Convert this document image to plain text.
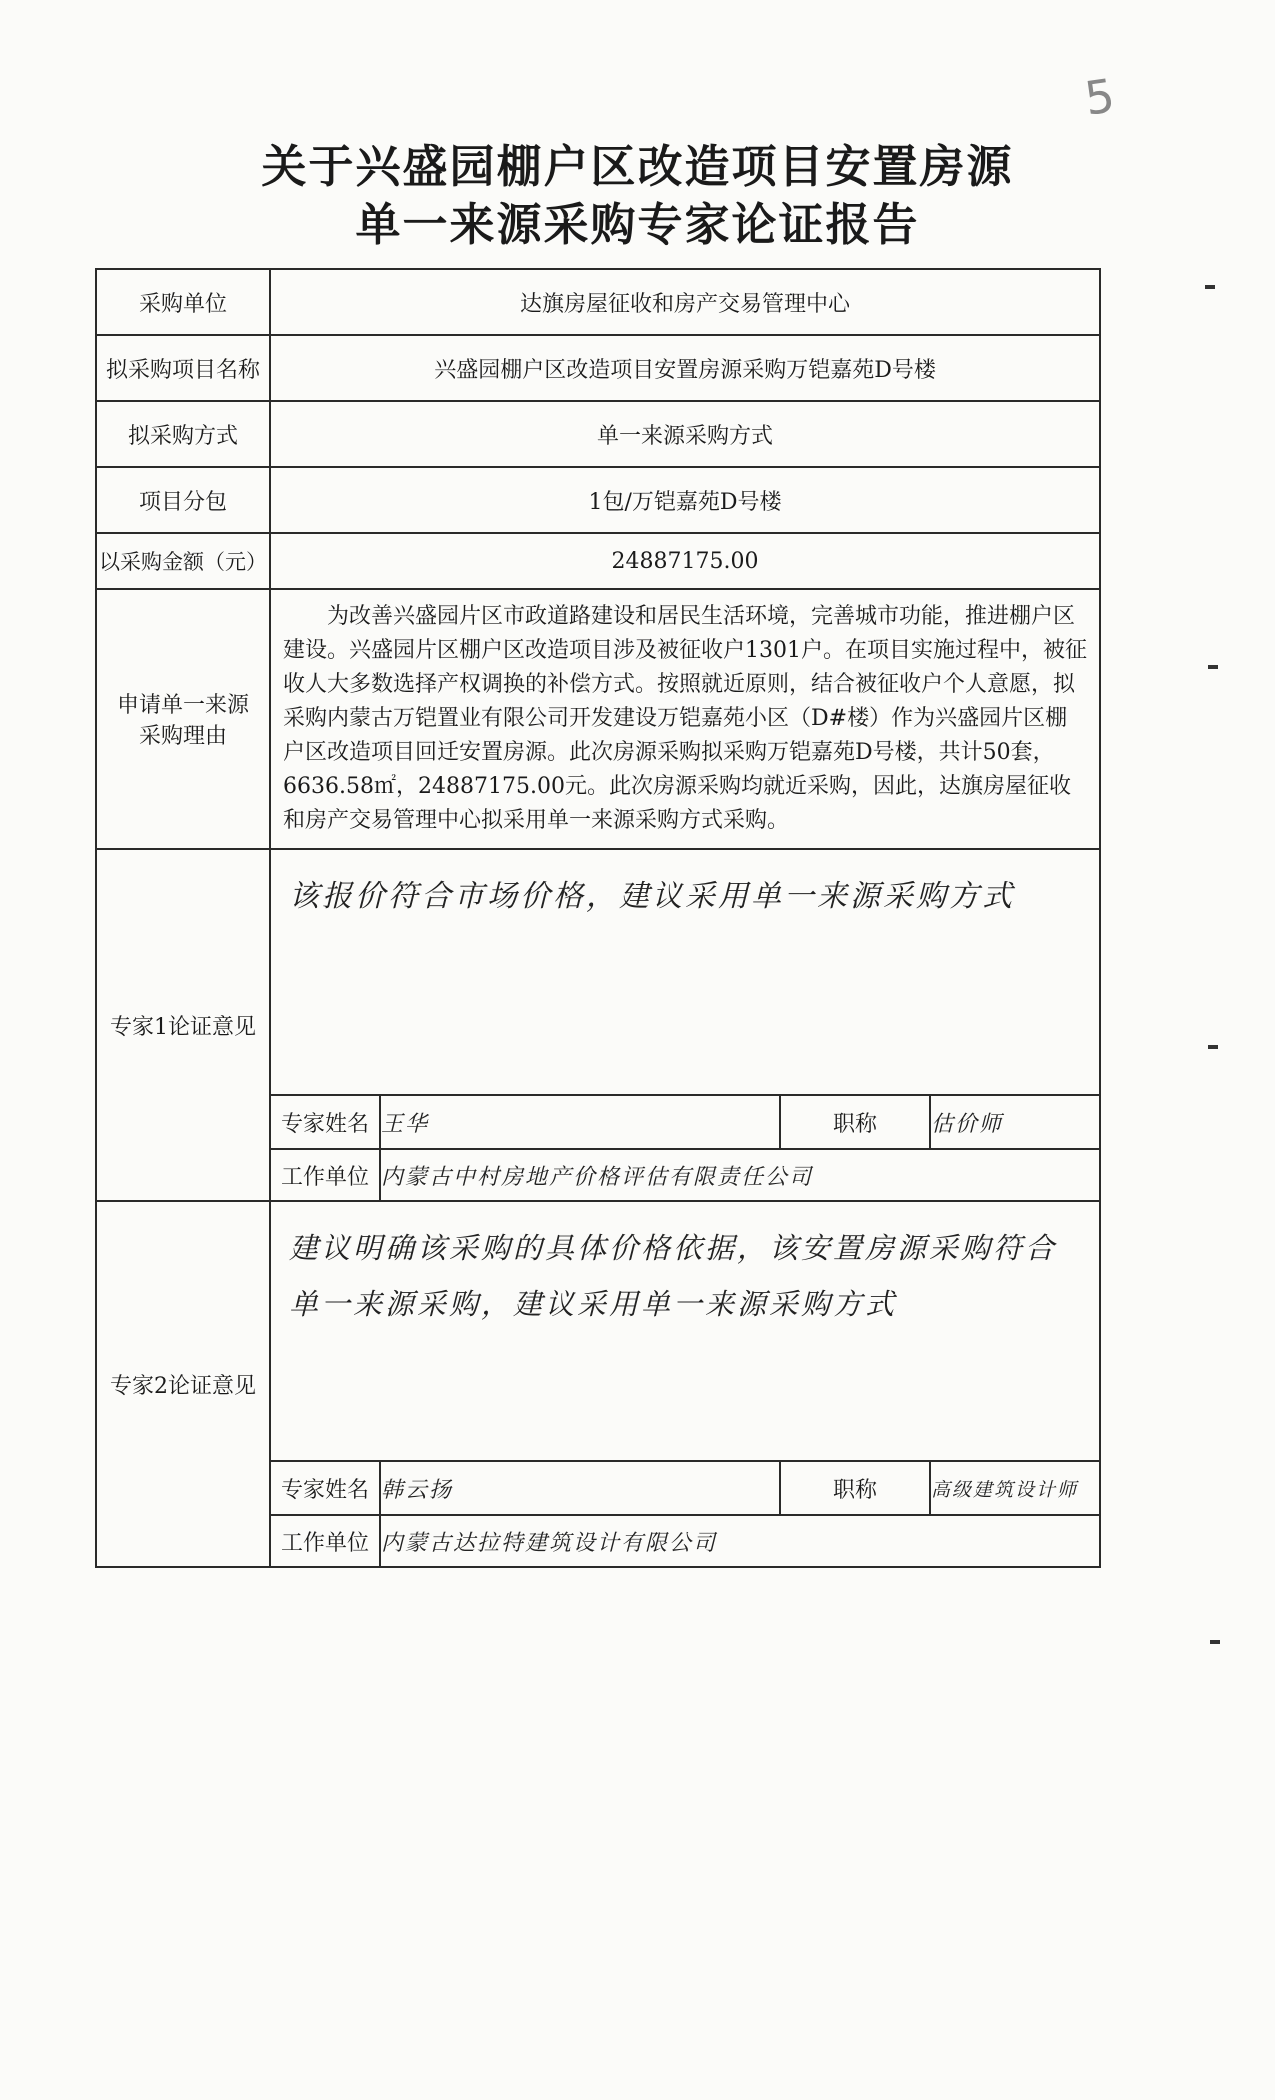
5
关于兴盛园棚户区改造项目安置房源
单一来源采购专家论证报告
采购单位	达旗房屋征收和房产交易管理中心			
拟采购项目名称	兴盛园棚户区改造项目安置房源采购万铠嘉苑D号楼			
拟采购方式	单一来源采购方式			
项目分包	1包/万铠嘉苑D号楼			
以采购金额（元）	24887175.00			
申请单一来源采购理由	为改善兴盛园片区市政道路建设和居民生活环境，完善城市功能，推进棚户区建设。兴盛园片区棚户区改造项目涉及被征收户1301户。在项目实施过程中，被征收人大多数选择产权调换的补偿方式。按照就近原则，结合被征收户个人意愿，拟采购内蒙古万铠置业有限公司开发建设万铠嘉苑小区（D#楼）作为兴盛园片区棚户区改造项目回迁安置房源。此次房源采购拟采购万铠嘉苑D号楼，共计50套，6636.58㎡，24887175.00元。此次房源采购均就近采购，因此，达旗房屋征收和房产交易管理中心拟采用单一来源采购方式采购。			
专家1论证意见	该报价符合市场价格，建议采用单一来源采购方式			

	专家姓名	王华	职称	估价师
	工作单位	内蒙古中村房地产价格评估有限责任公司		
专家2论证意见	建议明确该采购的具体价格依据，该安置房源采购符合单一来源采购，建议采用单一来源采购方式			

	专家姓名	韩云扬	职称	高级建筑设计师
	工作单位	内蒙古达拉特建筑设计有限公司		
